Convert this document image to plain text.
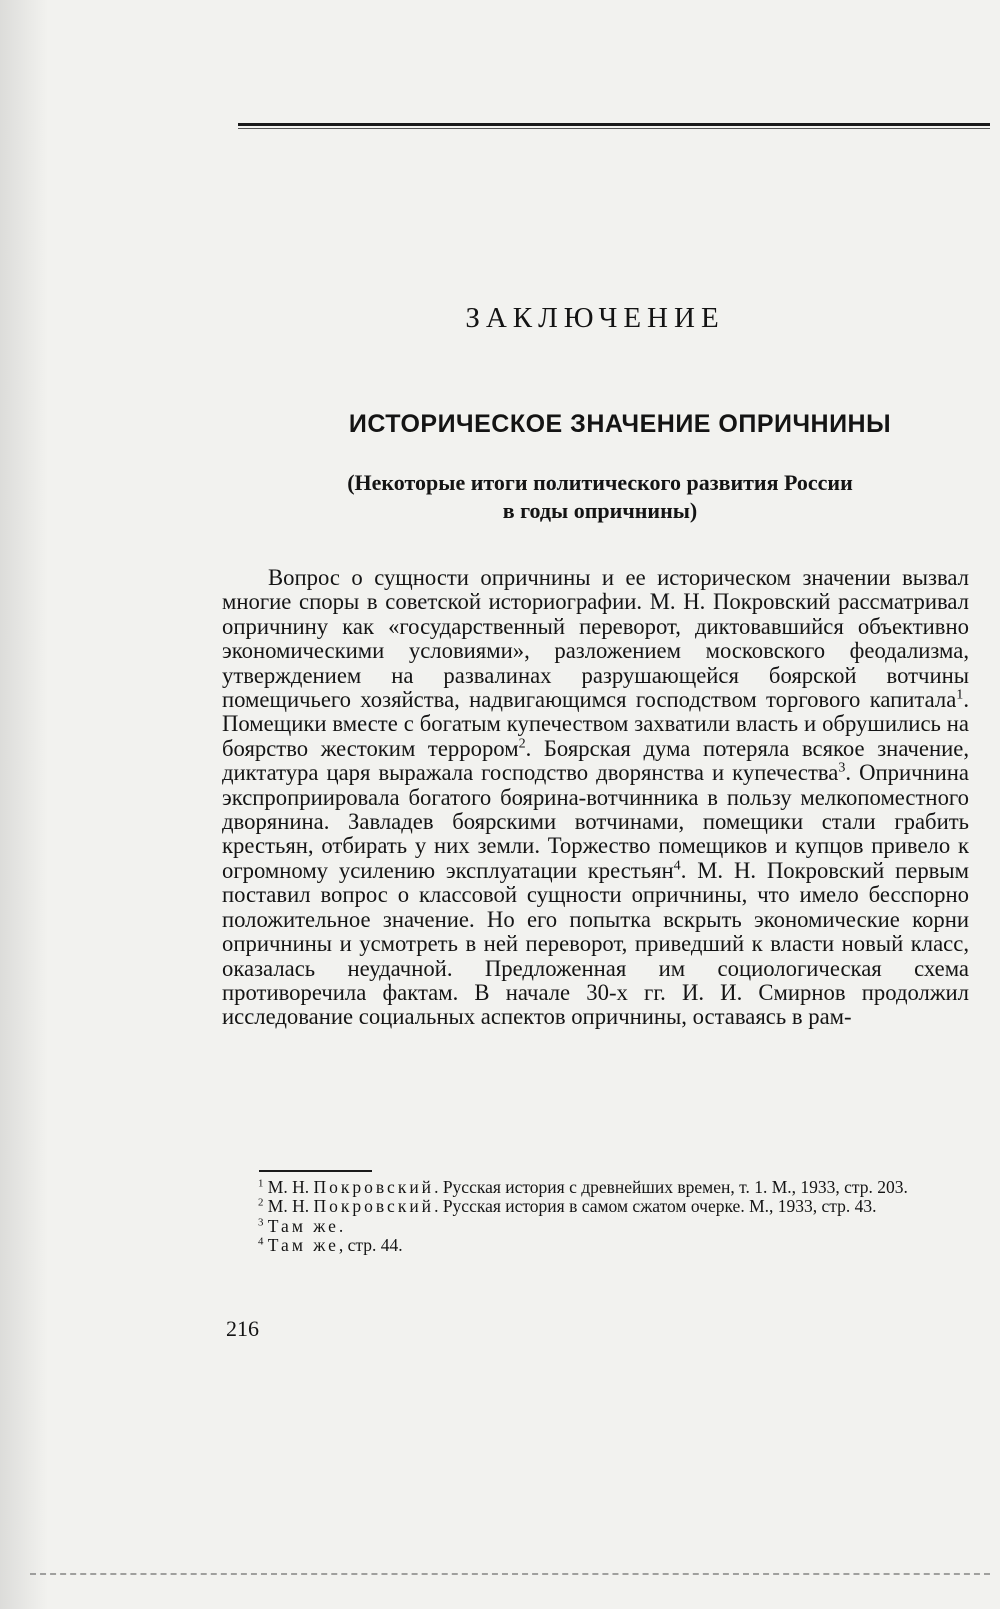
ЗАКЛЮЧЕНИЕ
ИСТОРИЧЕСКОЕ ЗНАЧЕНИЕ ОПРИЧНИНЫ
(Некоторые итоги политического развития России
в годы опричнины)

Вопрос о сущности опричнины и ее историческом значении вызвал многие споры в советской историографии. М. Н. Покровский рассматривал опричнину как «государственный переворот, диктовавшийся объективно экономическими условиями», разложением московского феодализма, утверждением на развалинах разрушающейся боярской вотчины помещичьего хозяйства, надвигающимся господством торгового капитала$^1$. Помещики вместе с богатым купечеством захватили власть и обрушились на боярство жестоким террором$^2$. Боярская дума потеряла всякое значение, диктатура царя выражала господство дворянства и купечества$^3$. Опричнина экспроприировала богатого боярина-вотчинника в пользу мелкопоместного дворянина. Завладев боярскими вотчинами, помещики стали грабить крестьян, отбирать у них земли. Торжество помещиков и купцов привело к огромному усилению эксплуатации крестьян$^4$. М. Н. Покровский первым поставил вопрос о классовой сущности опричнины, что имело бесспорно положительное значение. Но его попытка вскрыть экономические корни опричнины и усмотреть в ней переворот, приведший к власти новый класс, оказалась неудачной. Предложенная им социологическая схема противоречила фактам. В начале 30-х гг. И. И. Смирнов продолжил исследование социальных аспектов опричнины, оставаясь в рам-

$^1$ М. Н. Покровский. Русская история с древнейших времен, т. 1. М., 1933, стр. 203.

$^2$ М. Н. Покровский. Русская история в самом сжатом очерке. М., 1933, стр. 43.

$^3$ Там же.

$^4$ Там же, стр. 44.

216
